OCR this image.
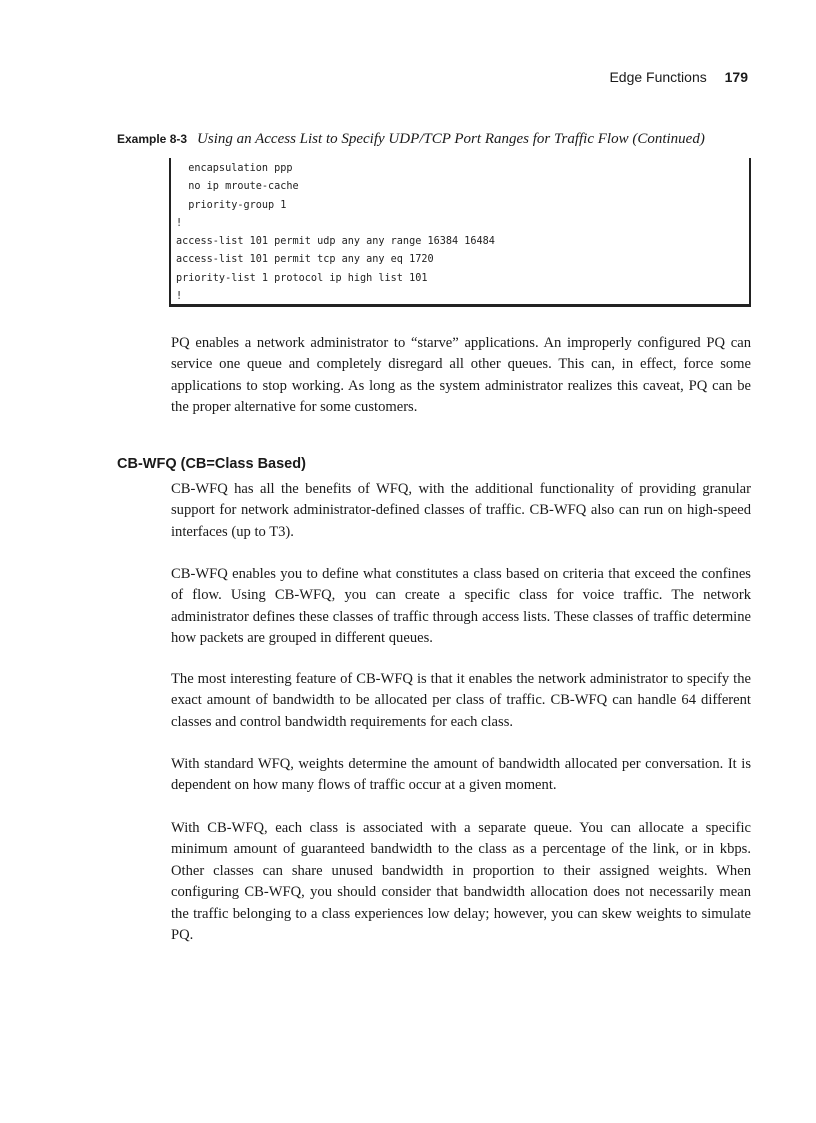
Edge Functions 179
Example 8-3 Using an Access List to Specify UDP/TCP Port Ranges for Traffic Flow (Continued)
encapsulation ppp
no ip mroute-cache
priority-group 1
!
access-list 101 permit udp any any range 16384 16484
access-list 101 permit tcp any any eq 1720
priority-list 1 protocol ip high list 101
!

PQ enables a network administrator to “starve” applications. An improperly configured PQ can service one queue and completely disregard all other queues. This can, in effect, force some applications to stop working. As long as the system administrator realizes this caveat, PQ can be the proper alternative for some customers.

CB-WFQ (CB=Class Based)

CB-WFQ has all the benefits of WFQ, with the additional functionality of providing granular support for network administrator-defined classes of traffic. CB-WFQ also can run on high-speed interfaces (up to T3).

CB-WFQ enables you to define what constitutes a class based on criteria that exceed the confines of flow. Using CB-WFQ, you can create a specific class for voice traffic. The network administrator defines these classes of traffic through access lists. These classes of traffic determine how packets are grouped in different queues.

The most interesting feature of CB-WFQ is that it enables the network administrator to specify the exact amount of bandwidth to be allocated per class of traffic. CB-WFQ can handle 64 different classes and control bandwidth requirements for each class.

With standard WFQ, weights determine the amount of bandwidth allocated per conversation. It is dependent on how many flows of traffic occur at a given moment.

With CB-WFQ, each class is associated with a separate queue. You can allocate a specific minimum amount of guaranteed bandwidth to the class as a percentage of the link, or in kbps. Other classes can share unused bandwidth in proportion to their assigned weights. When configuring CB-WFQ, you should consider that bandwidth allocation does not necessarily mean the traffic belonging to a class experiences low delay; however, you can skew weights to simulate PQ.
